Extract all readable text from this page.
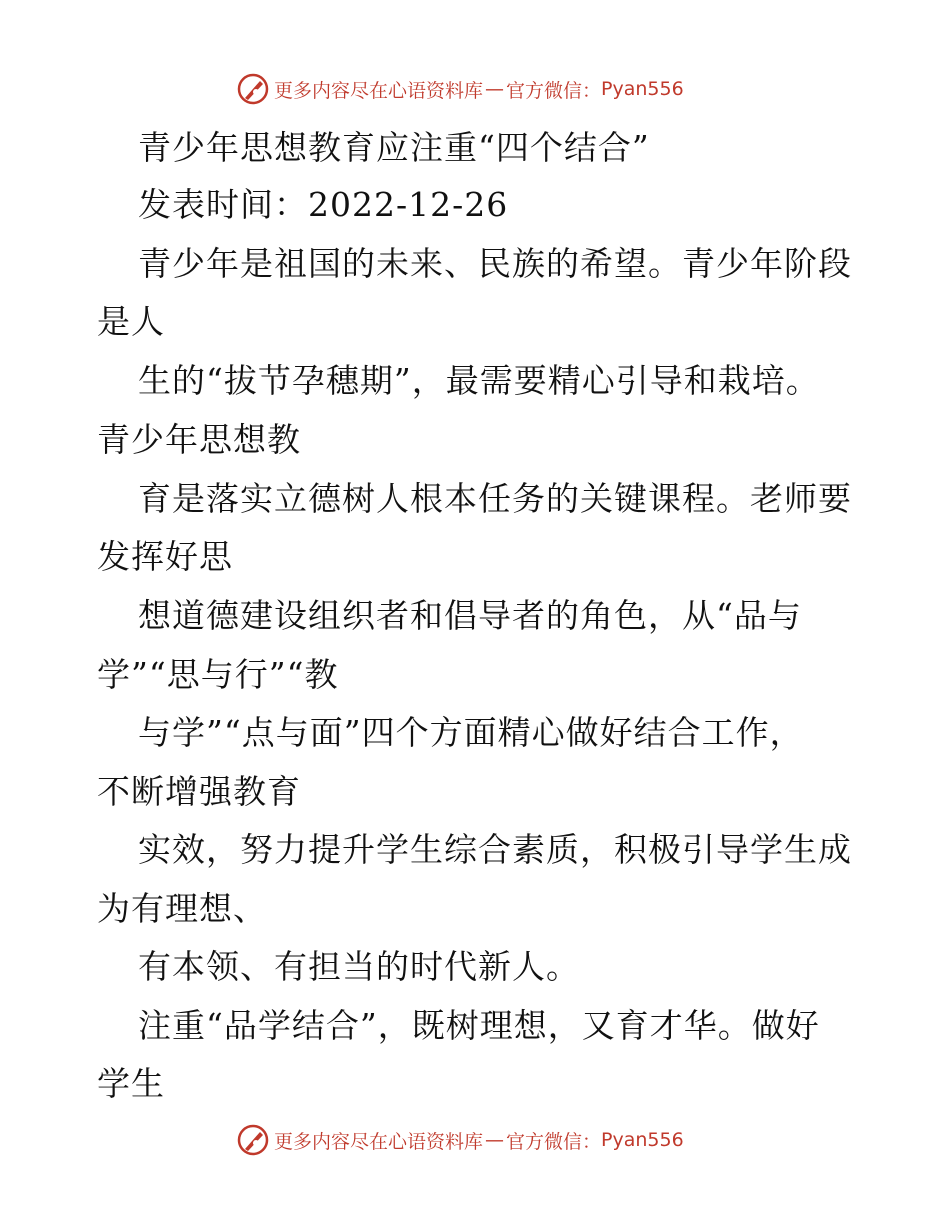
更多内容尽在心语资料库 — 官方微信： Pyan556
青少年思想教育应注重“四个结合”
发表时间：2022-12-26
青少年是祖国的未来、民族的希望。青少年阶段
是人
生的“拔节孕穗期”，最需要精心引导和栽培。
青少年思想教
育是落实立德树人根本任务的关键课程。老师要
发挥好思
想道德建设组织者和倡导者的角色，从“品与
学”“思与行”“教
与学”“点与面”四个方面精心做好结合工作，
不断增强教育
实效，努力提升学生综合素质，积极引导学生成
为有理想、
有本领、有担当的时代新人。
注重“品学结合”，既树理想，又育才华。做好
学生
更多内容尽在心语资料库 — 官方微信： Pyan556
